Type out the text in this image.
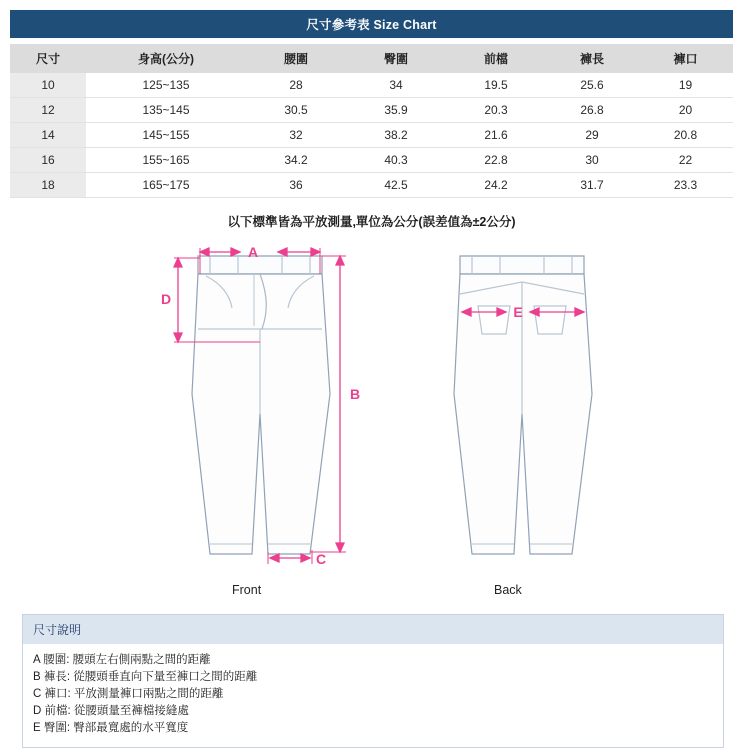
尺寸參考表 Size Chart
尺寸	身高(公分)	腰圍	臀圍	前檔	褲長	褲口
10	125~135	28	34	19.5	25.6	19
12	135~145	30.5	35.9	20.3	26.8	20
14	145~155	32	38.2	21.6	29	20.8
16	155~165	34.2	40.3	22.8	30	22
18	165~175	36	42.5	24.2	31.7	23.3
以下標準皆為平放測量,單位為公分(誤差值為±2公分)
A
B
C
D
E
Front	Back
尺寸說明
A 腰圍: 腰頭左右側兩點之間的距離
B 褲長: 從腰頭垂直向下量至褲口之間的距離
C 褲口: 平放測量褲口兩點之間的距離
D 前檔: 從腰頭量至褲檔接縫處
E 臀圍: 臀部最寬處的水平寬度
